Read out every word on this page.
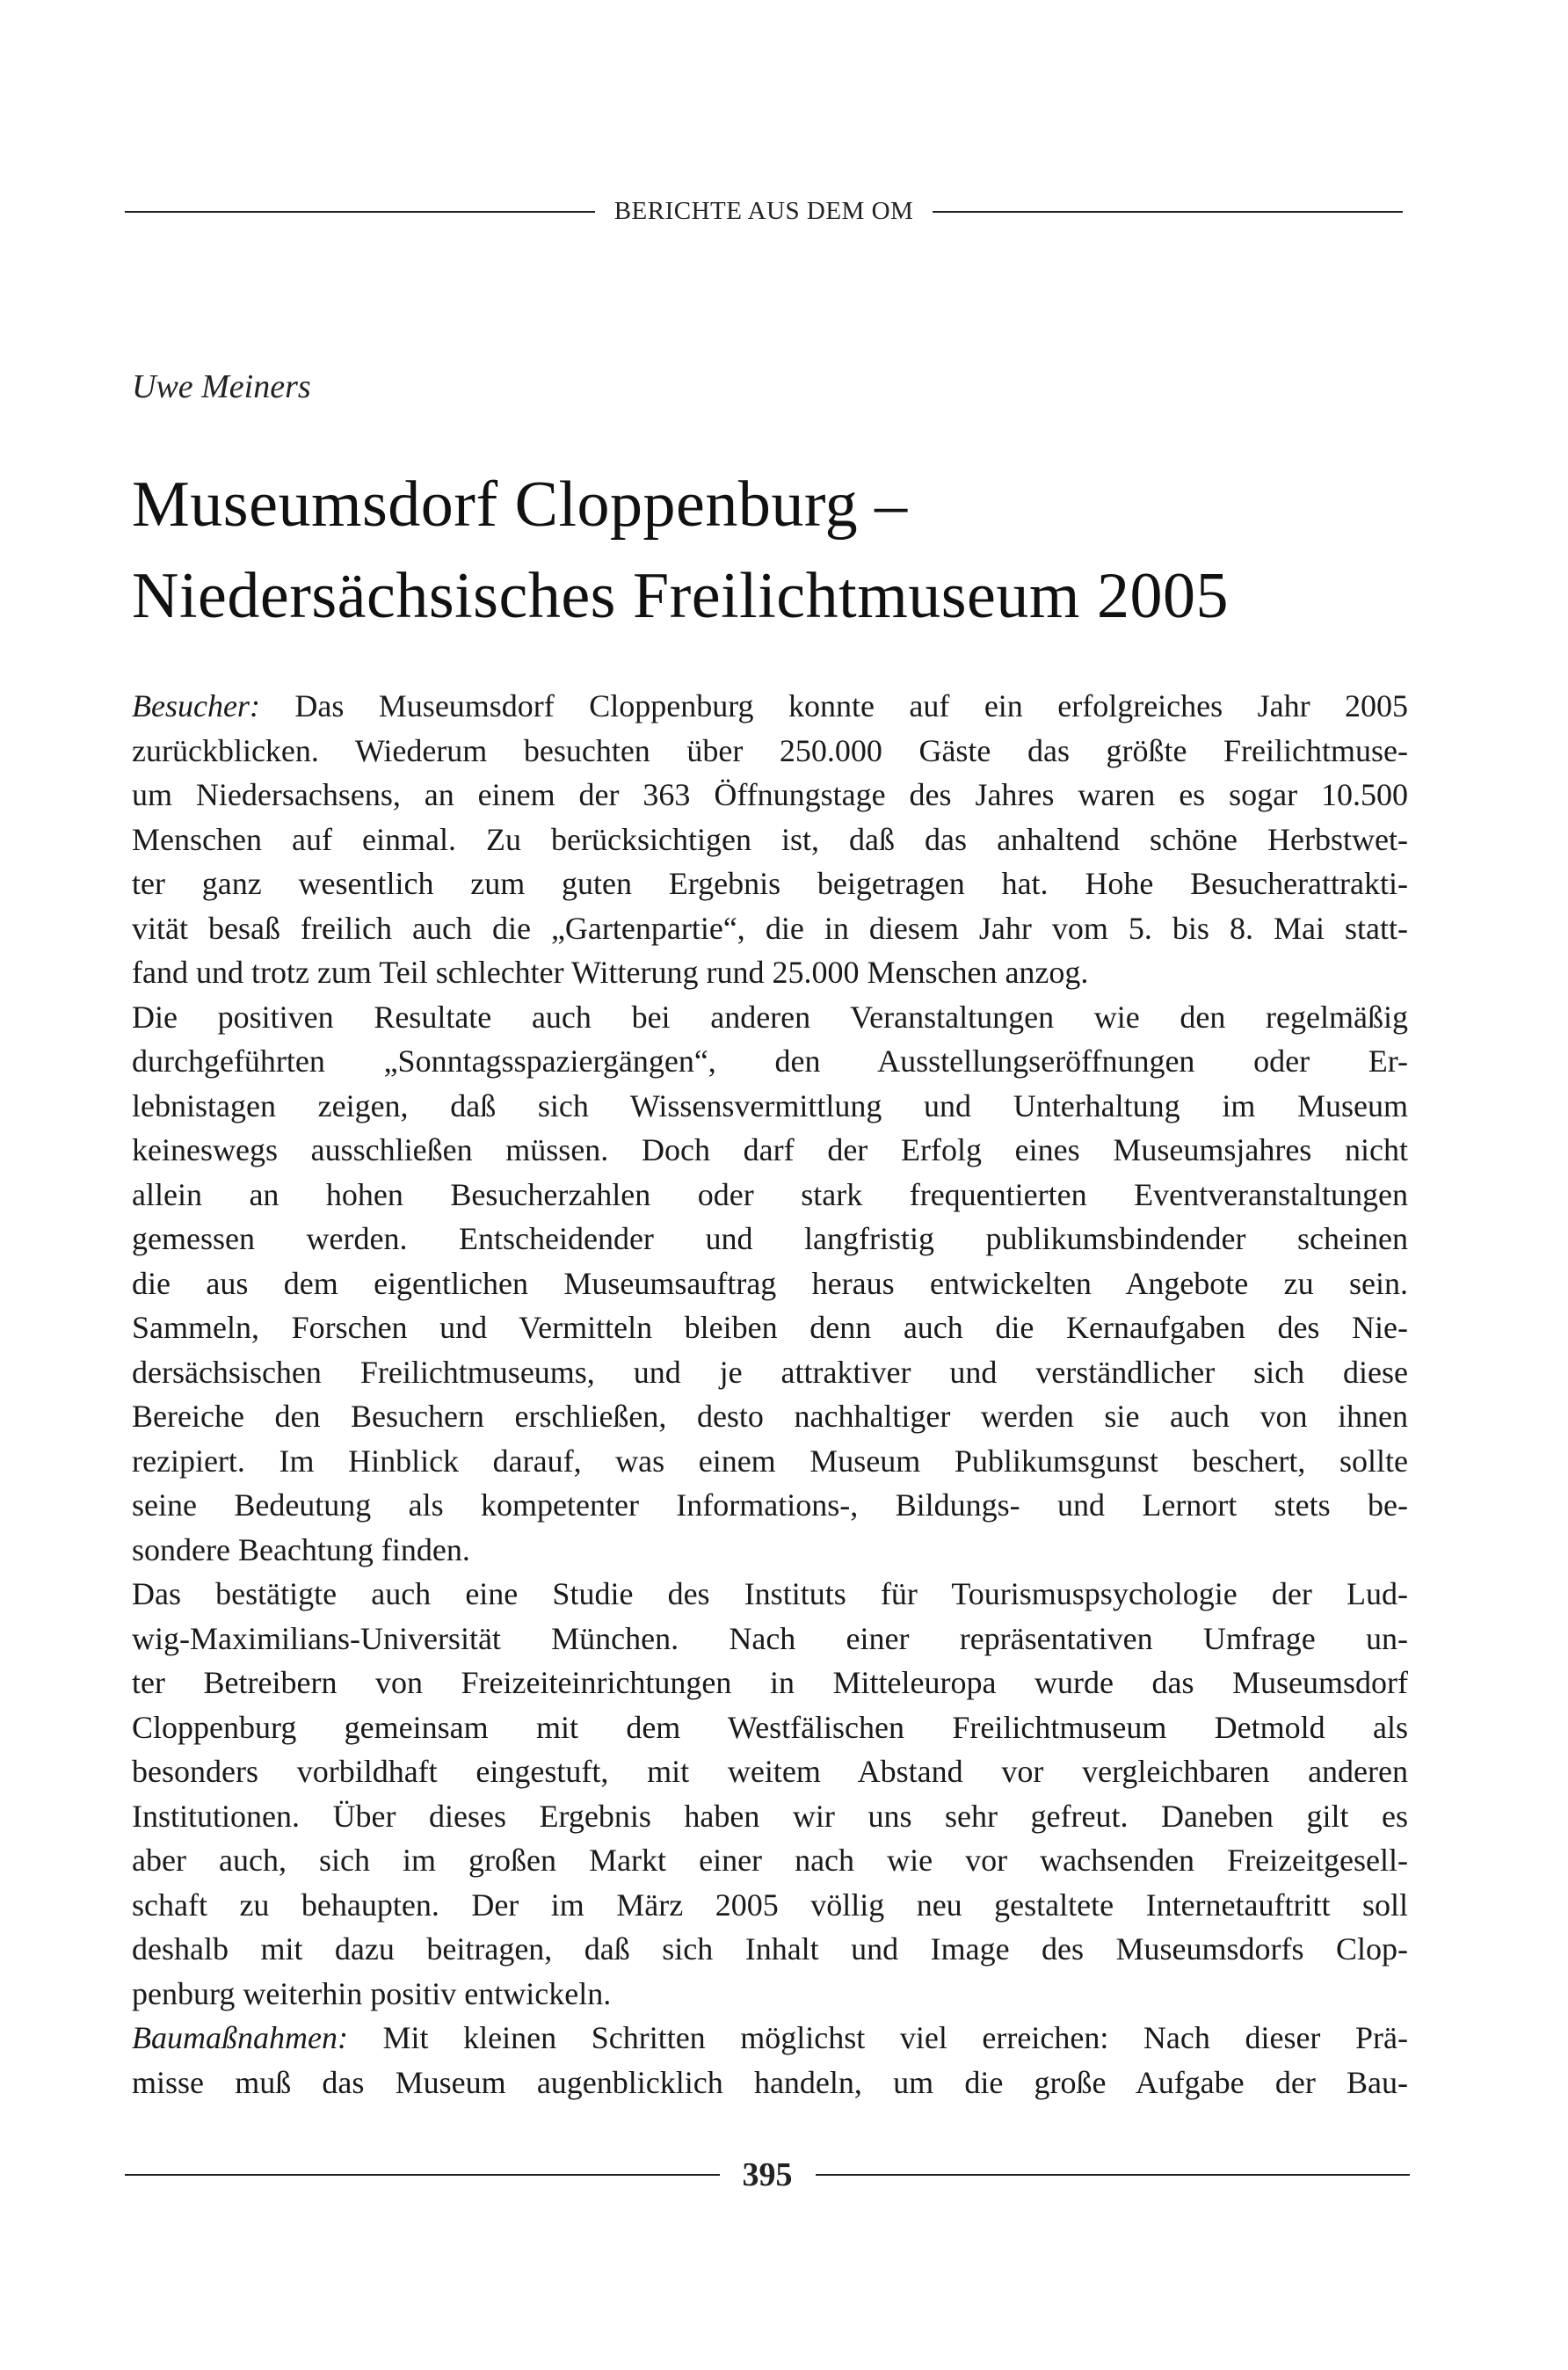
BERICHTE AUS DEM OM
Uwe Meiners
Museumsdorf Cloppenburg –
Niedersächsisches Freilichtmuseum 2005
Besucher: Das Museumsdorf Cloppenburg konnte auf ein erfolgreiches Jahr 2005
zurückblicken. Wiederum besuchten über 250.000 Gäste das größte Freilichtmuse-
um Niedersachsens, an einem der 363 Öffnungstage des Jahres waren es sogar 10.500
Menschen auf einmal. Zu berücksichtigen ist, daß das anhaltend schöne Herbstwet-
ter ganz wesentlich zum guten Ergebnis beigetragen hat. Hohe Besucherattrakti-
vität besaß freilich auch die „Gartenpartie“, die in diesem Jahr vom 5. bis 8. Mai statt-
fand und trotz zum Teil schlechter Witterung rund 25.000 Menschen anzog.
Die positiven Resultate auch bei anderen Veranstaltungen wie den regelmäßig
durchgeführten „Sonntagsspaziergängen“, den Ausstellungseröffnungen oder Er-
lebnistagen zeigen, daß sich Wissensvermittlung und Unterhaltung im Museum
keineswegs ausschließen müssen. Doch darf der Erfolg eines Museumsjahres nicht
allein an hohen Besucherzahlen oder stark frequentierten Eventveranstaltungen
gemessen werden. Entscheidender und langfristig publikumsbindender scheinen
die aus dem eigentlichen Museumsauftrag heraus entwickelten Angebote zu sein.
Sammeln, Forschen und Vermitteln bleiben denn auch die Kernaufgaben des Nie-
dersächsischen Freilichtmuseums, und je attraktiver und verständlicher sich diese
Bereiche den Besuchern erschließen, desto nachhaltiger werden sie auch von ihnen
rezipiert. Im Hinblick darauf, was einem Museum Publikumsgunst beschert, sollte
seine Bedeutung als kompetenter Informations-, Bildungs- und Lernort stets be-
sondere Beachtung finden.
Das bestätigte auch eine Studie des Instituts für Tourismuspsychologie der Lud-
wig-Maximilians-Universität München. Nach einer repräsentativen Umfrage un-
ter Betreibern von Freizeiteinrichtungen in Mitteleuropa wurde das Museumsdorf
Cloppenburg gemeinsam mit dem Westfälischen Freilichtmuseum Detmold als
besonders vorbildhaft eingestuft, mit weitem Abstand vor vergleichbaren anderen
Institutionen. Über dieses Ergebnis haben wir uns sehr gefreut. Daneben gilt es
aber auch, sich im großen Markt einer nach wie vor wachsenden Freizeitgesell-
schaft zu behaupten. Der im März 2005 völlig neu gestaltete Internetauftritt soll
deshalb mit dazu beitragen, daß sich Inhalt und Image des Museumsdorfs Clop-
penburg weiterhin positiv entwickeln.
Baumaßnahmen: Mit kleinen Schritten möglichst viel erreichen: Nach dieser Prä-
misse muß das Museum augenblicklich handeln, um die große Aufgabe der Bau-
395
